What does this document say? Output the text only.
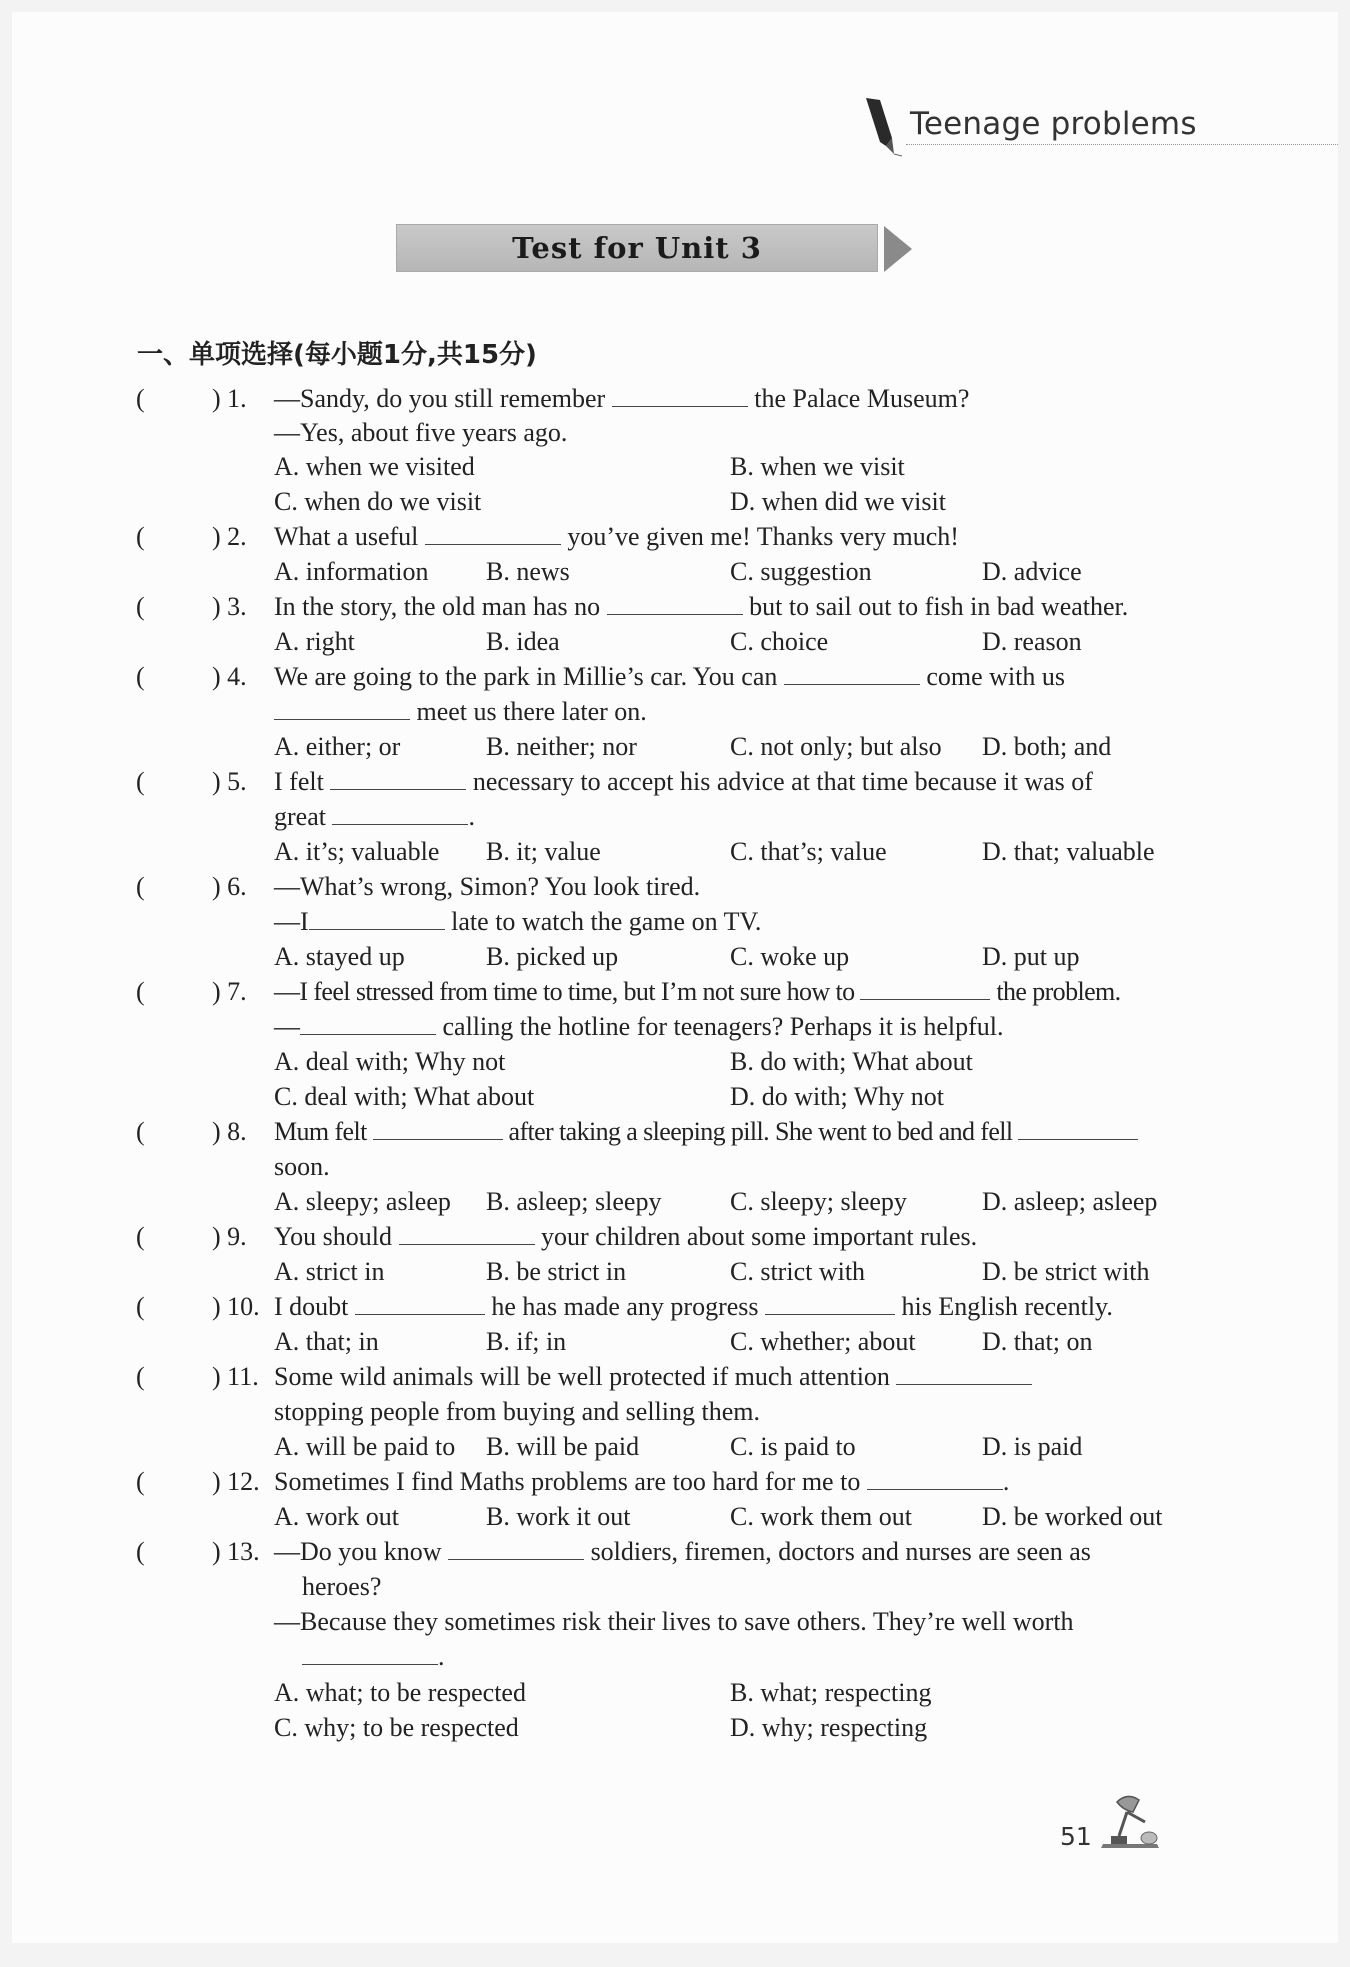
Teenage problems
Test for Unit 3
一、单项选择(每小题1分,共15分)
(	) 1. —Sandy, do you still remember	the Palace Museum?
—Yes, about five years ago.
A. when we visited	B. when we visit
C. when do we visit	D. when did we visit
(	) 2. What a useful	you’ve given me! Thanks very much!
A. information B. news	C. suggestion	D. advice
(	) 3. In the story, the old man has no	but to sail out to fish in bad weather.
A. right	B. idea	C. choice	D. reason
(	) 4. We are going to the park in Millie’s car. You can	come with us
meet us there later on.
A. either; or	B. neither; nor	C. not only; but also D. both; and
(	) 5. I felt	necessary to accept his advice at that time because it was of
great	.
A. it’s; valuable B. it; value	C. that’s; value	D. that; valuable
(	) 6. —What’s wrong, Simon? You look tired.
—I	late to watch the game on TV.
A. stayed up	B. picked up	C. woke up	D. put up
(	) 7. —I feel stressed from time to time, but I’m not sure how to	the problem.
—	calling the hotline for teenagers? Perhaps it is helpful.
A. deal with; Why not	B. do with; What about
C. deal with; What about	D. do with; Why not
(	) 8. Mum felt	after taking a sleeping pill. She went to bed and fell
soon.
A. sleepy; asleep B. asleep; sleepy	C. sleepy; sleepy	D. asleep; asleep
(	) 9. You should	your children about some important rules.
A. strict in	B. be strict in	C. strict with	D. be strict with
(	) 10. I doubt	he has made any progress	his English recently.
A. that; in	B. if; in	C. whether; about	D. that; on
(	) 11. Some wild animals will be well protected if much attention
stopping people from buying and selling them.
A. will be paid to B. will be paid	C. is paid to	D. is paid
(	) 12. Sometimes I find Maths problems are too hard for me to	.
A. work out	B. work it out	C. work them out	D. be worked out
(	) 13. —Do you know	soldiers, firemen, doctors and nurses are seen as
heroes?
—Because they sometimes risk their lives to save others. They’re well worth
.
A. what; to be respected	B. what; respecting
C. why; to be respected	D. why; respecting
51
